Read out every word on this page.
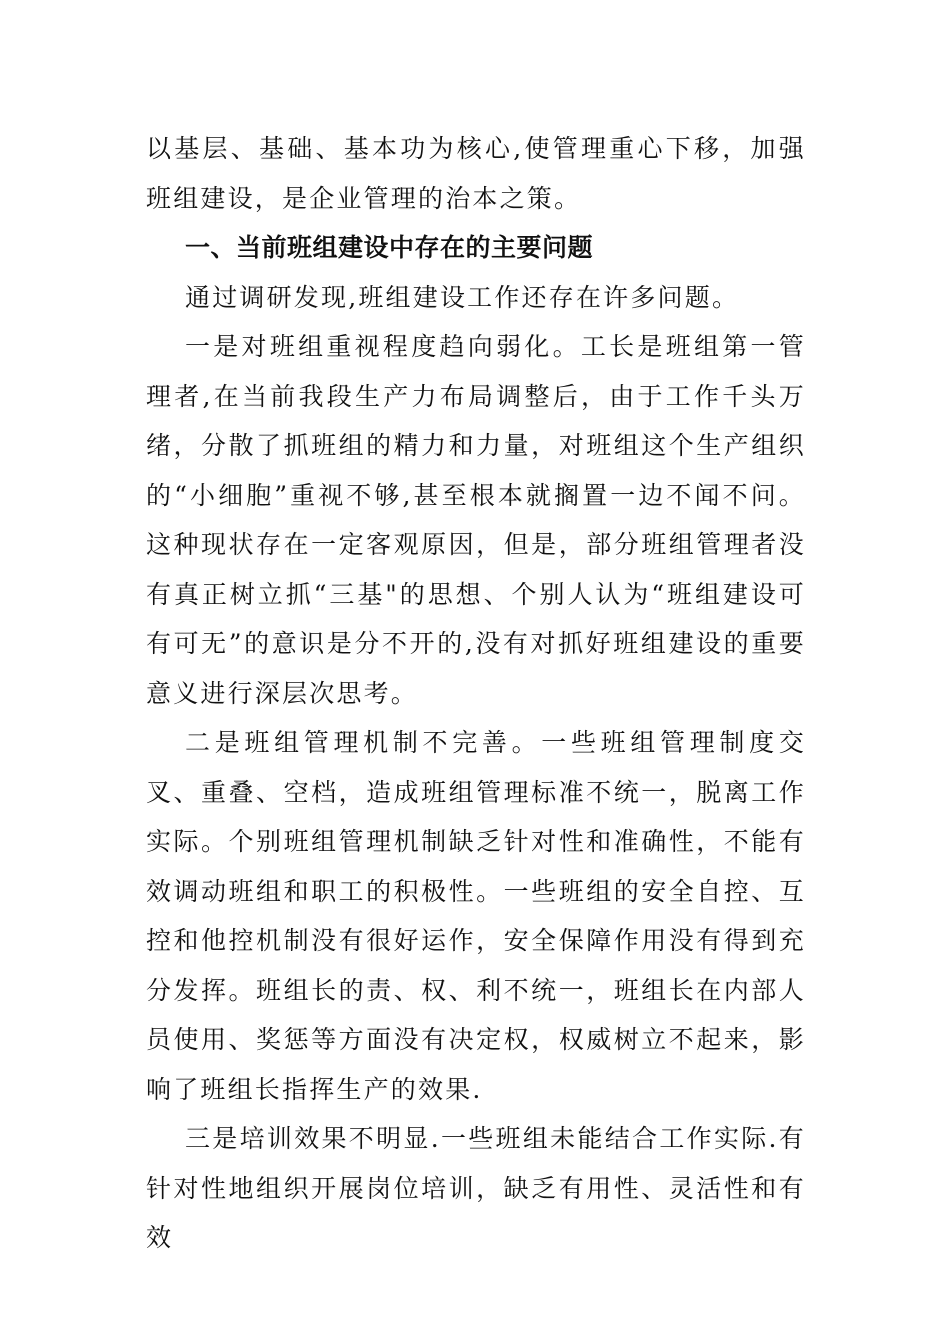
以基层、基础、基本功为核心,使管理重心下移，加强班组建设，是企业管理的治本之策。

一、当前班组建设中存在的主要问题

通过调研发现,班组建设工作还存在许多问题。

一是对班组重视程度趋向弱化。工长是班组第一管理者,在当前我段生产力布局调整后，由于工作千头万绪，分散了抓班组的精力和力量，对班组这个生产组织的“小细胞”重视不够,甚至根本就搁置一边不闻不问。这种现状存在一定客观原因，但是，部分班组管理者没有真正树立抓“三基"的思想、个别人认为“班组建设可有可无”的意识是分不开的,没有对抓好班组建设的重要意义进行深层次思考。

二是班组管理机制不完善。一些班组管理制度交叉、重叠、空档，造成班组管理标准不统一，脱离工作实际。个别班组管理机制缺乏针对性和准确性，不能有效调动班组和职工的积极性。一些班组的安全自控、互控和他控机制没有很好运作，安全保障作用没有得到充分发挥。班组长的责、权、利不统一，班组长在内部人员使用、奖惩等方面没有决定权，权威树立不起来，影响了班组长指挥生产的效果.

三是培训效果不明显.一些班组未能结合工作实际.有针对性地组织开展岗位培训，缺乏有用性、灵活性和有效
